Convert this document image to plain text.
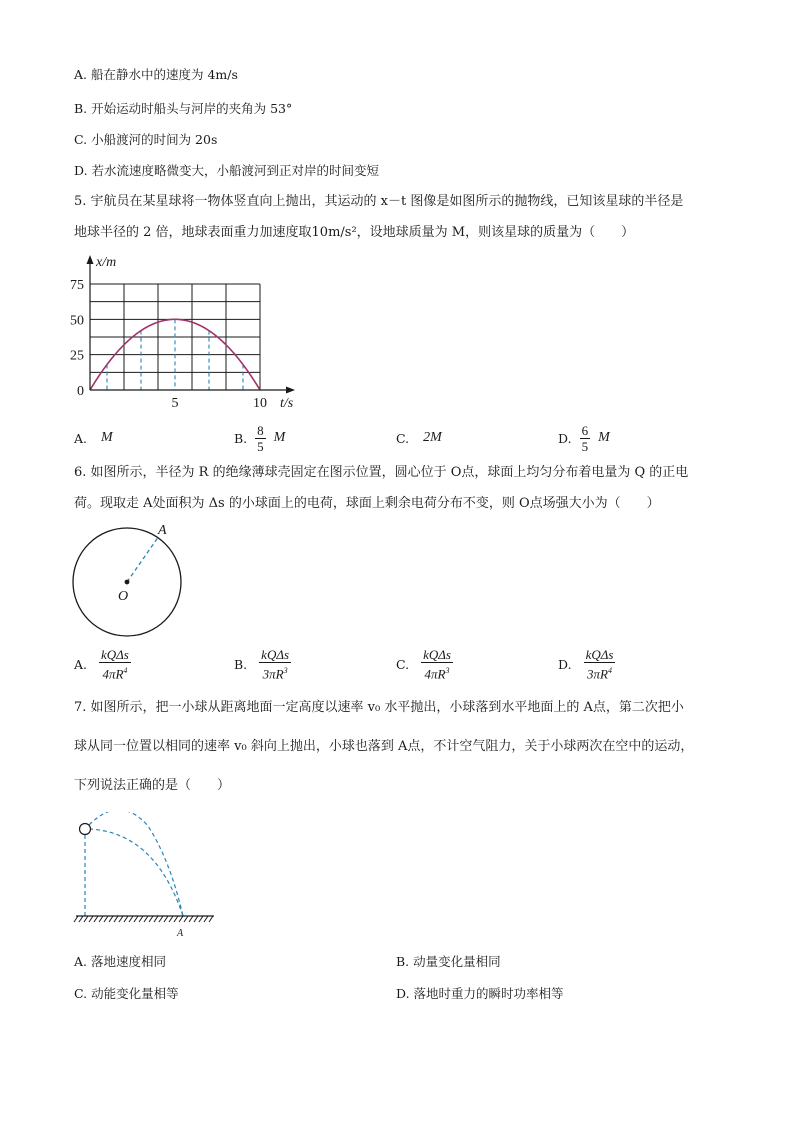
A. 船在静水中的速度为 4m/s
B. 开始运动时船头与河岸的夹角为 53°
C. 小船渡河的时间为 20s
D. 若水流速度略微变大，小船渡河到正对岸的时间变短
5. 宇航员在某星球将一物体竖直向上抛出，其运动的 x－t 图像是如图所示的抛物线，已知该星球的半径是
地球半径的 2 倍，地球表面重力加速度取10m/s²，设地球质量为 M，则该星球的质量为（　　）
0
25
50
75
5	10
x/m
t/s
A. M	B. $\frac{8}{5}$ M	C. 2M	D. $\frac{6}{5}$ M
6. 如图所示，半径为 R 的绝缘薄球壳固定在图示位置，圆心位于 O点，球面上均匀分布着电量为 Q 的正电
荷。现取走 A处面积为 Δs 的小球面上的电荷，球面上剩余电荷分布不变，则 O点场强大小为（　　）
A
O
A. $\frac{\text{kQΔs}}{4\pi R^4}$	B. $\frac{\text{kQΔs}}{3\pi R^3}$	C. $\frac{\text{kQΔs}}{4\pi R^3}$	D. $\frac{\text{kQΔs}}{3\pi R^4}$
7. 如图所示，把一小球从距离地面一定高度以速率 v₀ 水平抛出，小球落到水平地面上的 A点，第二次把小
球从同一位置以相同的速率 v₀ 斜向上抛出，小球也落到 A点，不计空气阻力，关于小球两次在空中的运动，
下列说法正确的是（　　）
A
A. 落地速度相同	B. 动量变化量相同
C. 动能变化量相等	D. 落地时重力的瞬时功率相等
